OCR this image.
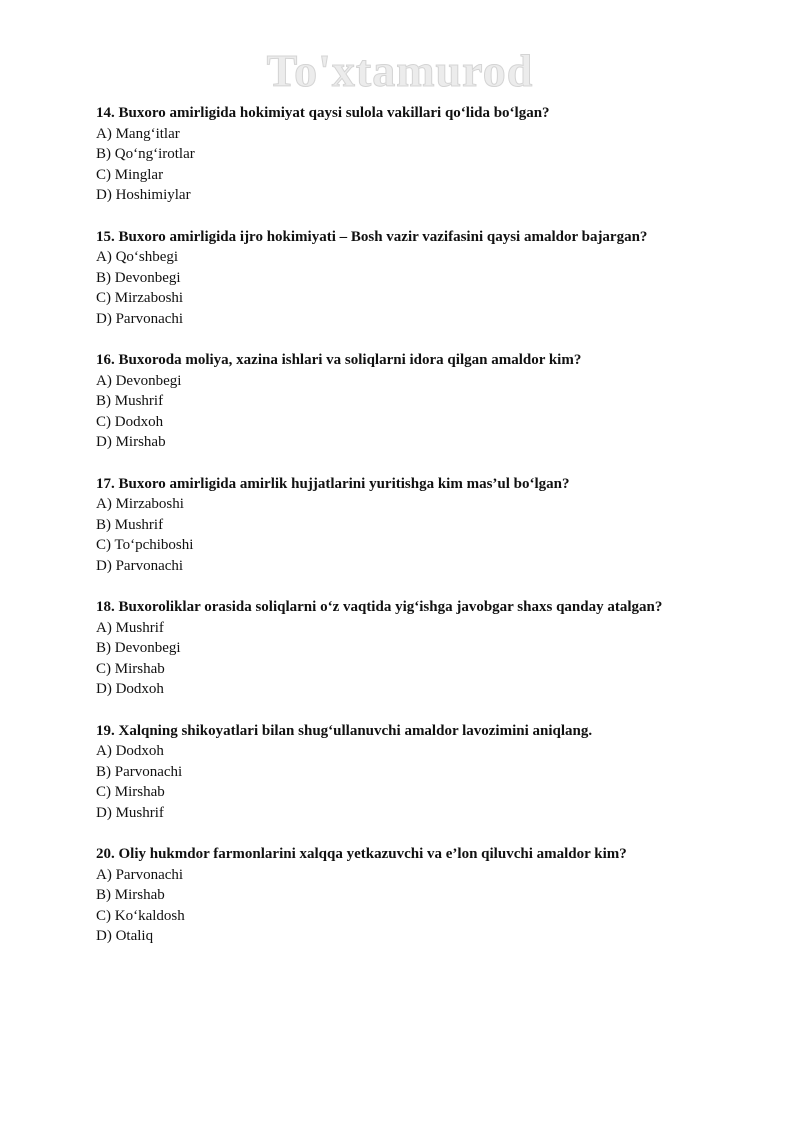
To'xtamurod

14. Buxoro amirligida hokimiyat qaysi sulola vakillari qo‘lida bo‘lgan?

A) Mang‘itlar

B) Qo‘ng‘irotlar

C) Minglar

D) Hoshimiylar

15. Buxoro amirligida ijro hokimiyati – Bosh vazir vazifasini qaysi amaldor bajargan?

A) Qo‘shbegi

B) Devonbegi

C) Mirzaboshi

D) Parvonachi

16. Buxoroda moliya, xazina ishlari va soliqlarni idora qilgan amaldor kim?

A) Devonbegi

B) Mushrif

C) Dodxoh

D) Mirshab

17. Buxoro amirligida amirlik hujjatlarini yuritishga kim mas’ul bo‘lgan?

A) Mirzaboshi

B) Mushrif

C) To‘pchiboshi

D) Parvonachi

18. Buxoroliklar orasida soliqlarni o‘z vaqtida yig‘ishga javobgar shaxs qanday atalgan?

A) Mushrif

B) Devonbegi

C) Mirshab

D) Dodxoh

19. Xalqning shikoyatlari bilan shug‘ullanuvchi amaldor lavozimini aniqlang.

A) Dodxoh

B) Parvonachi

C) Mirshab

D) Mushrif

20. Oliy hukmdor farmonlarini xalqqa yetkazuvchi va e’lon qiluvchi amaldor kim?

A) Parvonachi

B) Mirshab

C) Ko‘kaldosh

D) Otaliq
